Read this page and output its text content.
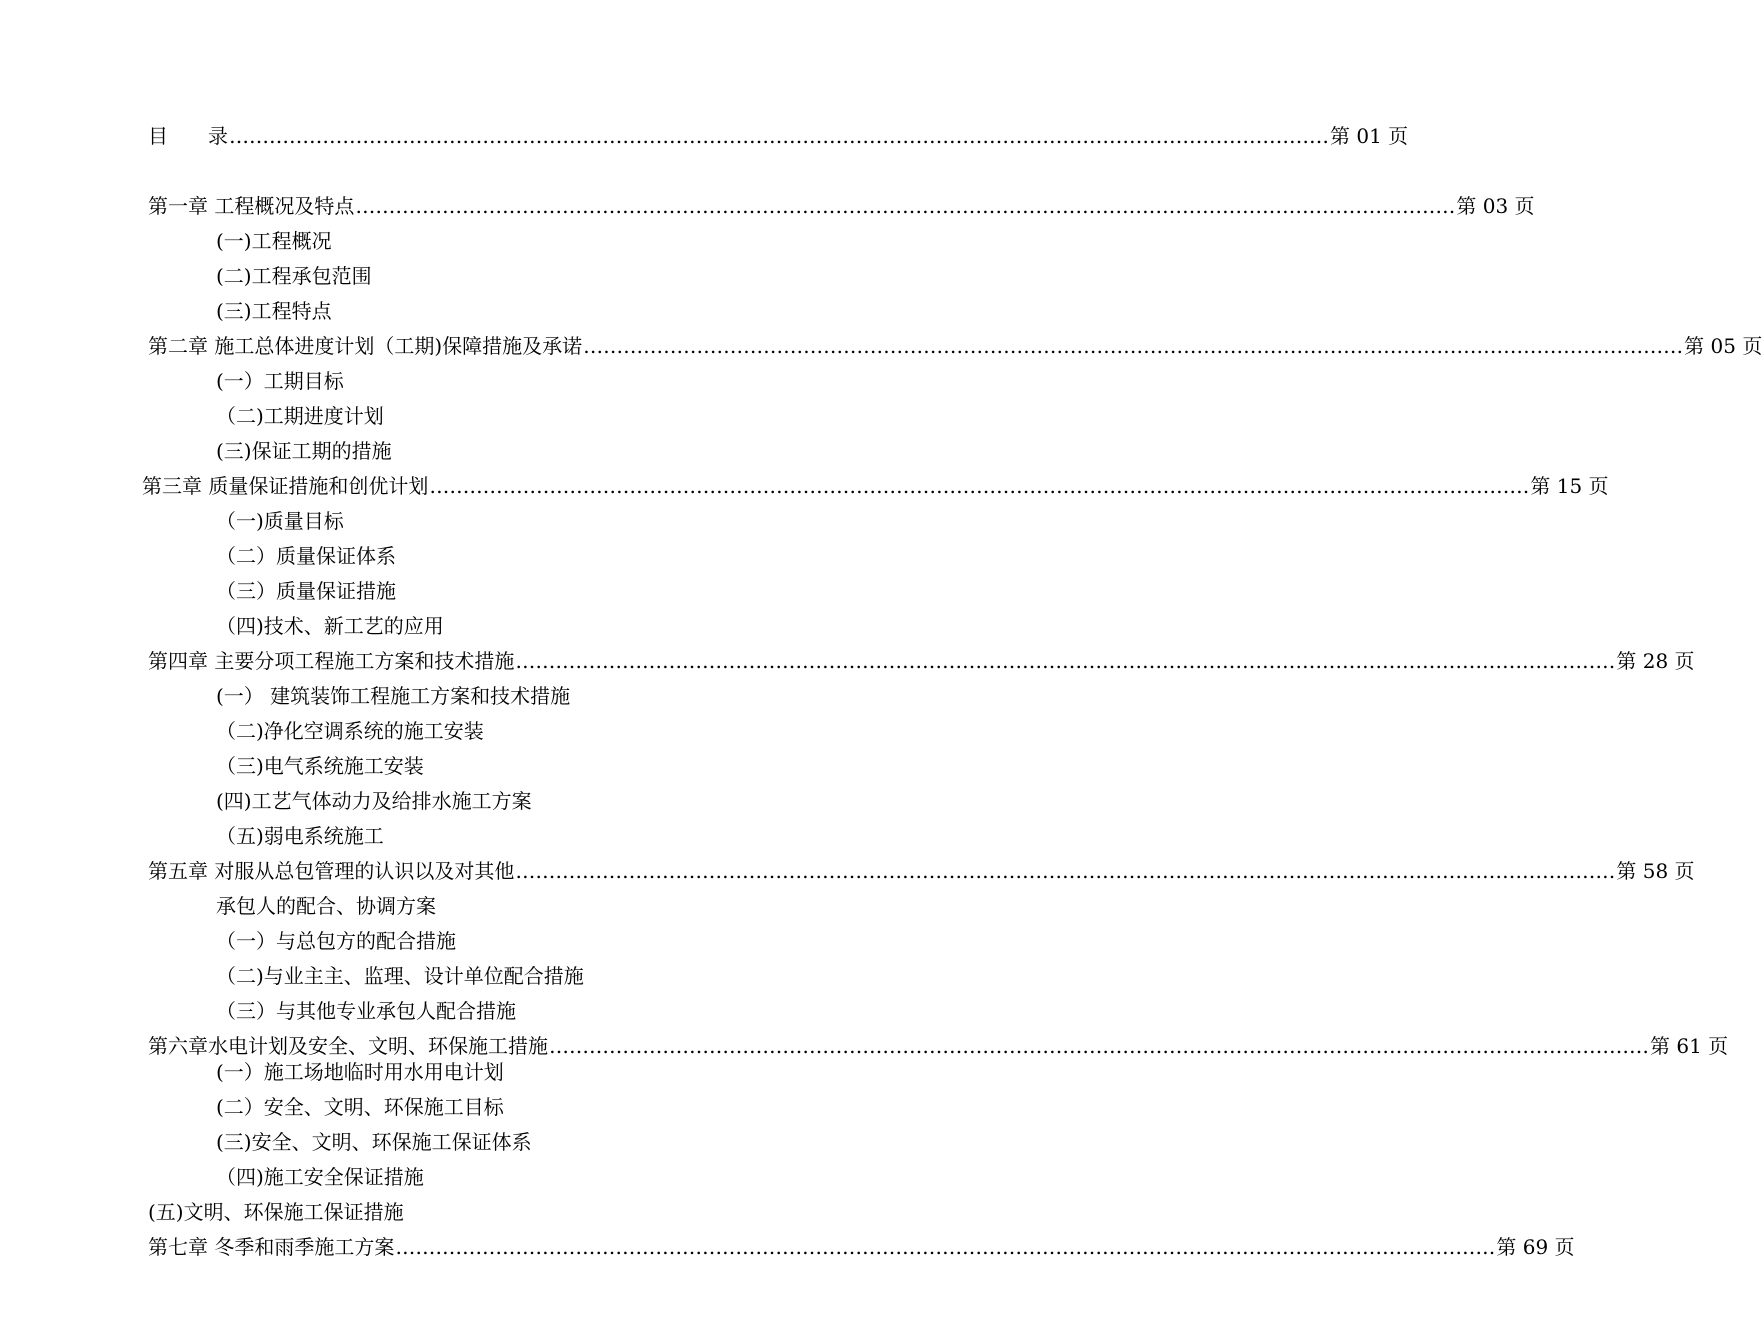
目　　录 ………………………………………………………………………………………………………………………………………………… 第 01 页
第一章 工程概况及特点 ………………………………………………………………………………………………………………………………………………… 第 03 页
(一)工程概况
(二)工程承包范围
(三)工程特点
第二章 施工总体进度计划（工期)保障措施及承诺 ………………………………………………………………………………………………………………………………………………… 第 05 页
(一）工期目标
（二)工期进度计划
(三)保证工期的措施
第三章 质量保证措施和创优计划 ………………………………………………………………………………………………………………………………………………… 第 15 页
（一)质量目标
（二）质量保证体系
（三）质量保证措施
（四)技术、新工艺的应用
第四章 主要分项工程施工方案和技术措施 ………………………………………………………………………………………………………………………………………………… 第 28 页
(一） 建筑装饰工程施工方案和技术措施
（二)净化空调系统的施工安装
（三)电气系统施工安装
(四)工艺气体动力及给排水施工方案
（五)弱电系统施工
第五章 对服从总包管理的认识以及对其他 ………………………………………………………………………………………………………………………………………………… 第 58 页
承包人的配合、协调方案
（一）与总包方的配合措施
（二)与业主主、监理、设计单位配合措施
（三）与其他专业承包人配合措施
第六章水电计划及安全、文明、环保施工措施 ………………………………………………………………………………………………………………………………………………… 第 61 页
(一）施工场地临时用水用电计划
(二）安全、文明、环保施工目标
(三)安全、文明、环保施工保证体系
（四)施工安全保证措施
(五)文明、环保施工保证措施
第七章 冬季和雨季施工方案 ………………………………………………………………………………………………………………………………………………… 第 69 页
